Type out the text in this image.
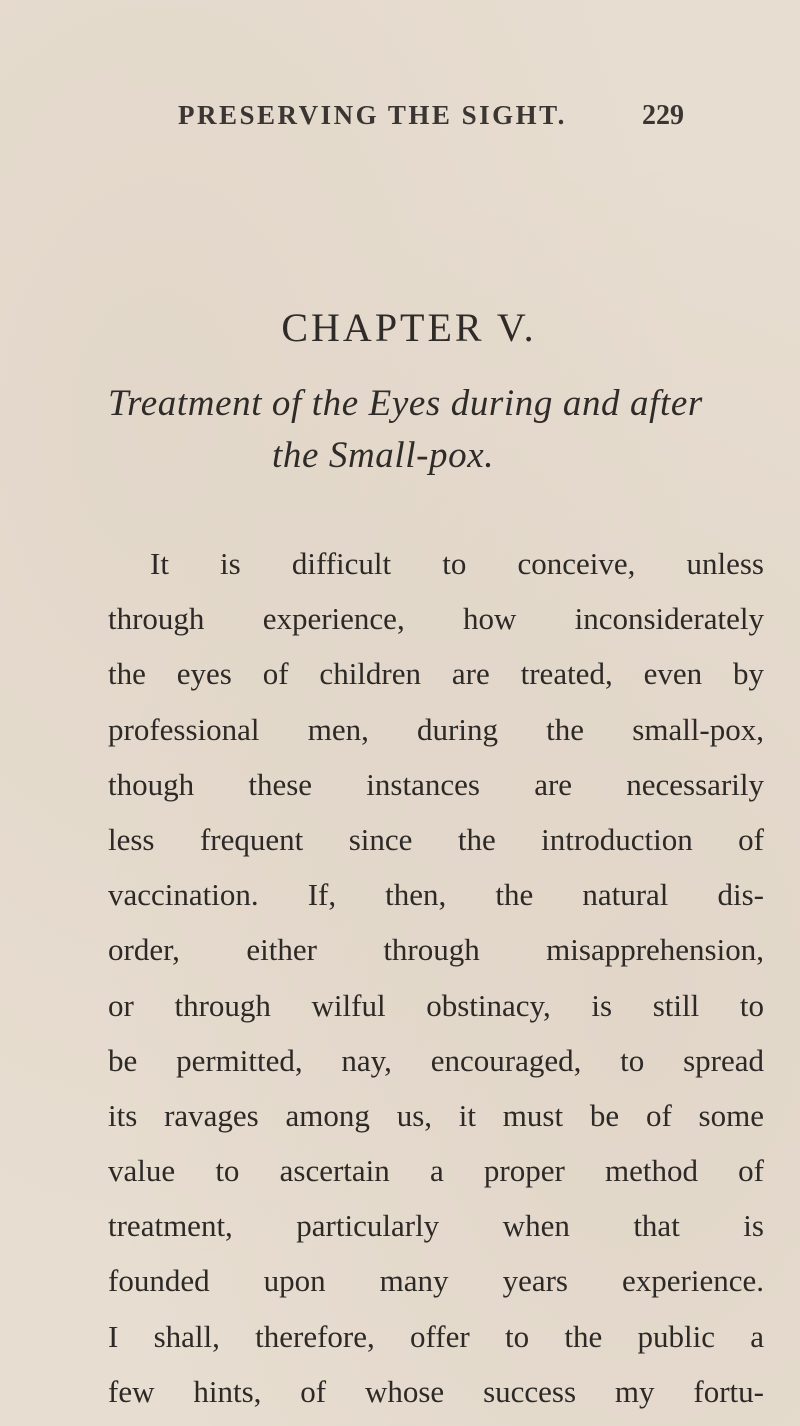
PRESERVING THE SIGHT.	229
CHAPTER V.
Treatment of the Eyes during and after
the Small-pox.
It is difficult to conceive, unless
through experience, how inconsiderately
the eyes of children are treated, even by
professional men, during the small-pox,
though these instances are necessarily
less frequent since the introduction of
vaccination. If, then, the natural dis-
order, either through misapprehension,
or through wilful obstinacy, is still to
be permitted, nay, encouraged, to spread
its ravages among us, it must be of some
value to ascertain a proper method of
treatment, particularly when that is
founded upon many years experience.
I shall, therefore, offer to the public a
few hints, of whose success my fortu-
